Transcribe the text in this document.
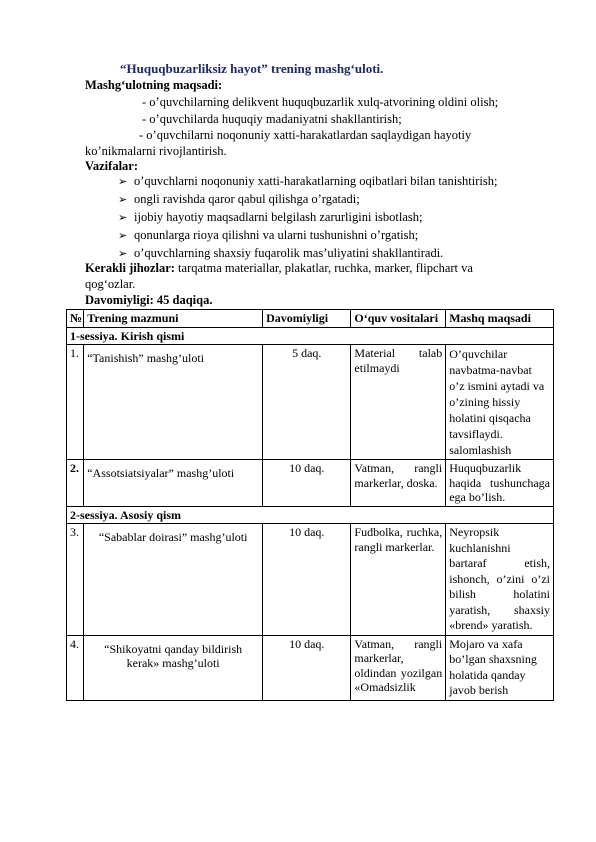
“Huquqbuzarliksiz hayot” trening mashg‘uloti.
Mashg‘ulotning maqsadi:
- o’quvchilarning delikvent huquqbuzarlik xulq-atvorining oldini olish;
- o’quvchilarda huquqiy madaniyatni shakllantirish;
- o’quvchilarni noqonuniy xatti-harakatlardan saqlaydigan hayotiy
ko’nikmalarni rivojlantirish.
Vazifalar:
➢ o’quvchlarni noqonuniy xatti-harakatlarning oqibatlari bilan tanishtirish;
➢ ongli ravishda qaror qabul qilishga o’rgatadi;
➢ ijobiy hayotiy maqsadlarni belgilash zarurligini isbotlash;
➢ qonunlarga rioya qilishni va ularni tushunishni o’rgatish;
➢ o’quvchlarning shaxsiy fuqarolik mas’uliyatini shakllantiradi.
Kerakli jihozlar: tarqatma materiallar, plakatlar, ruchka, marker, flipchart va
qog‘ozlar.
Davomiyligi: 45 daqiqa.
№	Trening mazmuni	Davomiyligi	O‘quv vositalari	Mashq maqsadi
1-sessiya. Kirish qismi				
1.	“Tanishish” mashg’uloti	5 daq.	Material talab etilmaydi	O’quvchilar navbatma-navbat o’z ismini aytadi va o’zining hissiy holatini qisqacha tavsiflaydi. salomlashish
2.	“Assotsiatsiyalar” mashg’uloti	10 daq.	Vatman, rangli markerlar, doska.	Huquqbuzarlik haqida tushunchaga ega bo’lish.
2-sessiya. Asosiy qism				
3.	“Sabablar doirasi” mashg’uloti	10 daq.	Fudbolka, ruchka, rangli markerlar.	Neyropsik kuchlanishni bartaraf etish, ishonch, o’zini o’zi bilish holatini yaratish, shaxsiy «brend» yaratish.
4.	“Shikoyatni qanday bildirish kerak» mashg’uloti	10 daq.	Vatman, rangli markerlar, oldindan yozilgan «Omadsizlik	Mojaro va xafa bo’lgan shaxsning holatida qanday javob berish
